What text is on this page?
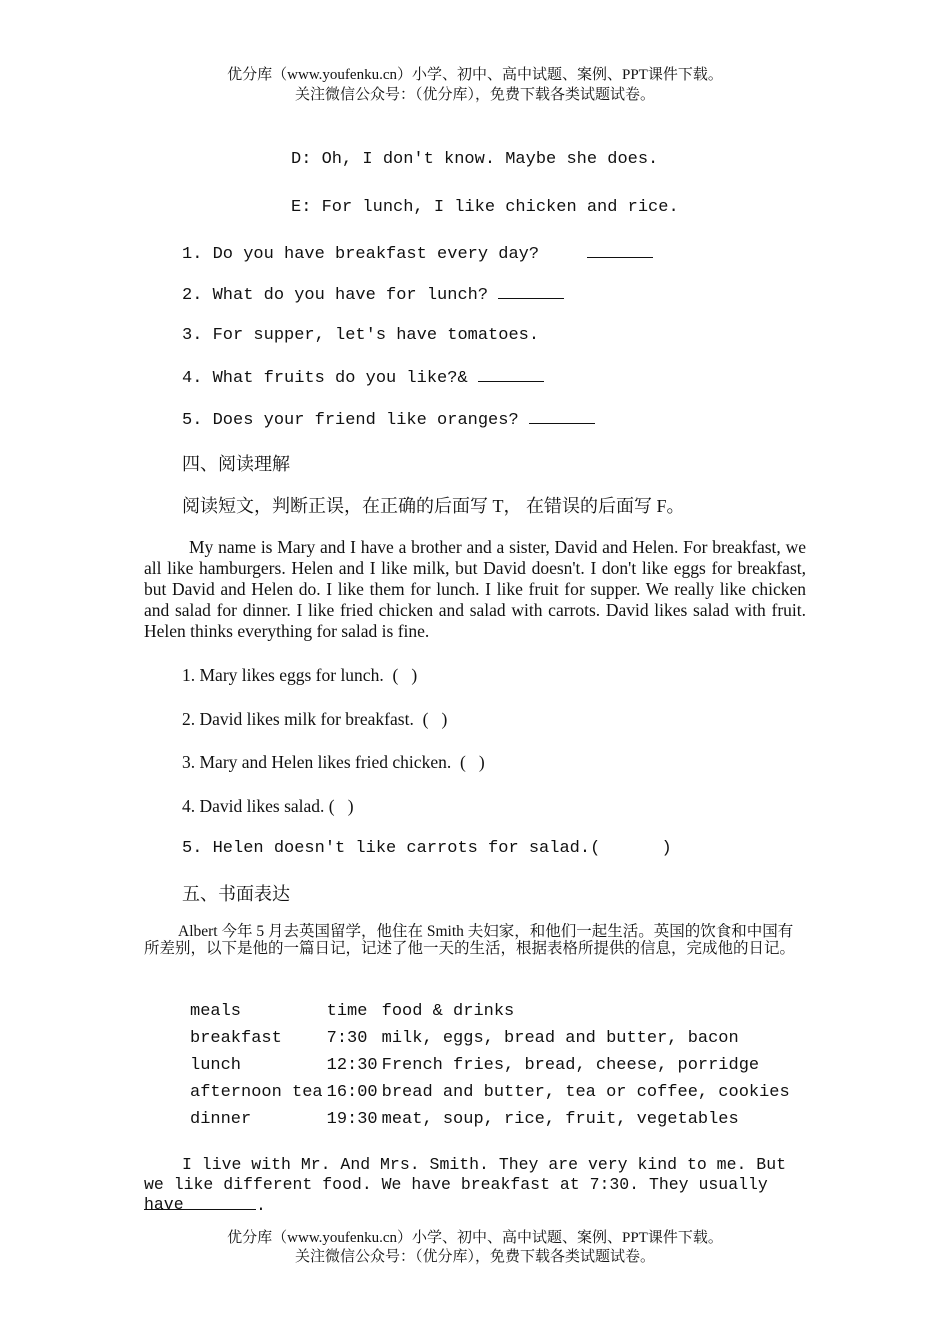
优分库（www.youfenku.cn）小学、初中、高中试题、案例、PPT课件下载。
关注微信公众号：（优分库），免费下载各类试题试卷。
D: Oh, I don't know. Maybe she does.
E: For lunch, I like chicken and rice.
1. Do you have breakfast every day?
2. What do you have for lunch?
3. For supper, let's have tomatoes.
4. What fruits do you like?&
5. Does your friend like oranges?
四、阅读理解
阅读短文，判断正误，在正确的后面写 T， 在错误的后面写 F。
My name is Mary and I have a brother and a sister, David and Helen. For breakfast, we all like hamburgers. Helen and I like milk, but David doesn't. I don't like eggs for breakfast, but David and Helen do. I like them for lunch. I like fruit for supper. We really like chicken and salad for dinner. I like fried chicken and salad with carrots. David likes salad with fruit. Helen thinks everything for salad is fine.
1. Mary likes eggs for lunch.  (   )
2. David likes milk for breakfast.  (   )
3. Mary and Helen likes fried chicken.  (   )
4. David likes salad. (   )
5. Helen doesn't like carrots for salad.(      )
五、书面表达
Albert 今年 5 月去英国留学，他住在 Smith 夫妇家，和他们一起生活。英国的饮食和中国有所差别，以下是他的一篇日记，记述了他一天的生活，根据表格所提供的信息，完成他的日记。
meals	time	food & drinks
breakfast	7:30	milk, eggs, bread and butter, bacon
lunch	12:30	French fries, bread, cheese, porridge
afternoon tea	16:00	bread and butter, tea or coffee, cookies
dinner	19:30	meat, soup, rice, fruit, vegetables
I live with Mr. And Mrs. Smith. They are very kind to me. But we like different food. We have breakfast at 7:30. They usually have	.
优分库（www.youfenku.cn）小学、初中、高中试题、案例、PPT课件下载。
关注微信公众号：（优分库），免费下载各类试题试卷。
